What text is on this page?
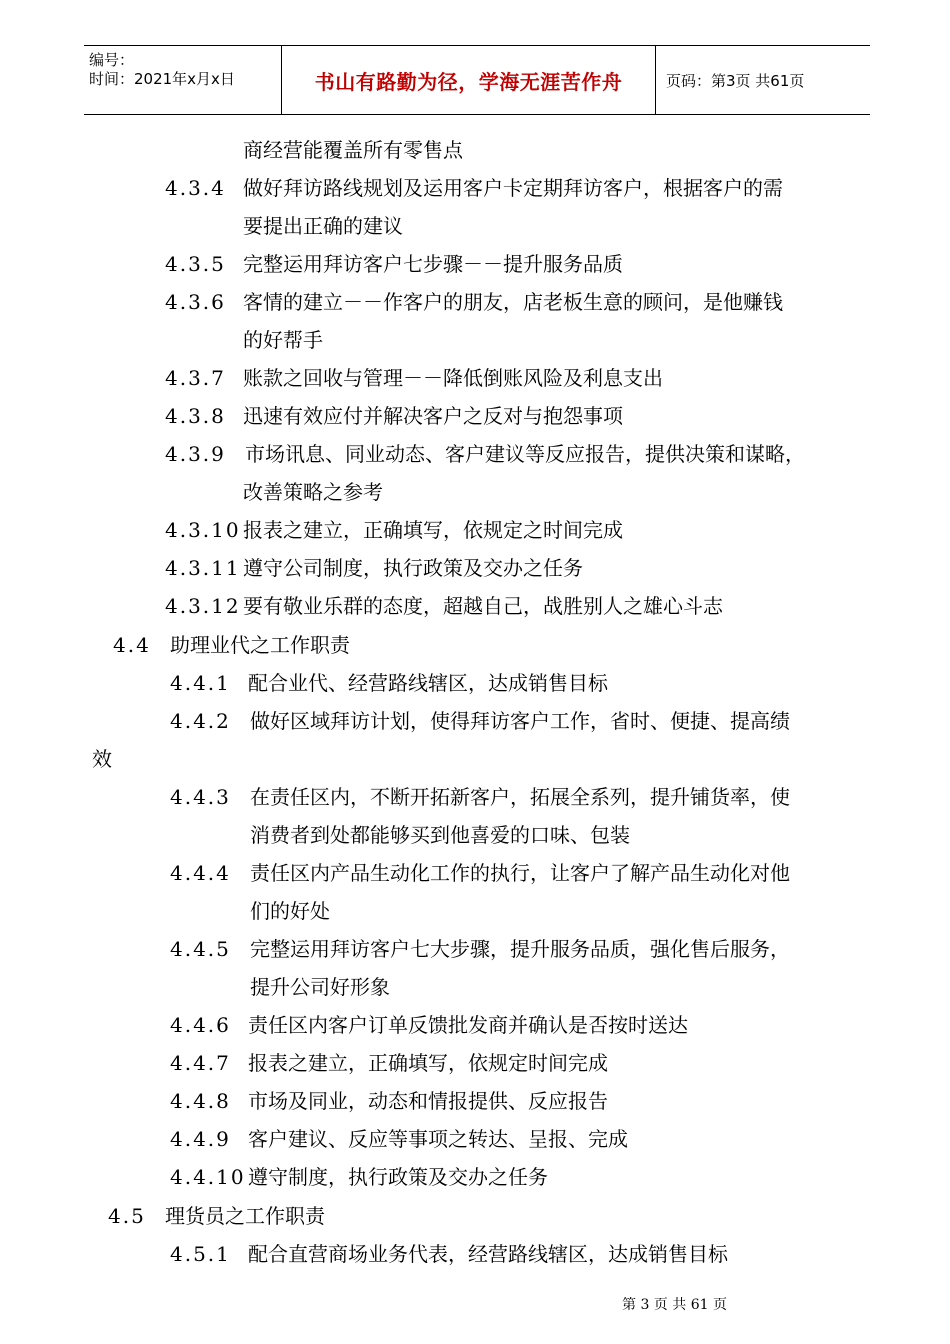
编号：
时间：2021年x月x日	书山有路勤为径，学海无涯苦作舟	页码：第3页 共61页
商经营能覆盖所有零售点
4.3.4 做好拜访路线规划及运用客户卡定期拜访客户，根据客户的需
要提出正确的建议
4.3.5 完整运用拜访客户七步骤－－提升服务品质
4.3.6 客情的建立－－作客户的朋友，店老板生意的顾问，是他赚钱
的好帮手
4.3.7 账款之回收与管理－－降低倒账风险及利息支出
4.3.8 迅速有效应付并解决客户之反对与抱怨事项
4.3.9 市场讯息、同业动态、客户建议等反应报告，提供决策和谋略，
改善策略之参考
4.3.10 报表之建立，正确填写，依规定之时间完成
4.3.11 遵守公司制度，执行政策及交办之任务
4.3.12 要有敬业乐群的态度，超越自己，战胜别人之雄心斗志
4.4 助理业代之工作职责
4.4.1 配合业代、经营路线辖区，达成销售目标
4.4.2 做好区域拜访计划，使得拜访客户工作，省时、便捷、提高绩
效
4.4.3 在责任区内，不断开拓新客户，拓展全系列，提升铺货率，使
消费者到处都能够买到他喜爱的口味、包装
4.4.4 责任区内产品生动化工作的执行，让客户了解产品生动化对他
们的好处
4.4.5 完整运用拜访客户七大步骤，提升服务品质，强化售后服务，
提升公司好形象
4.4.6 责任区内客户订单反馈批发商并确认是否按时送达
4.4.7 报表之建立，正确填写，依规定时间完成
4.4.8 市场及同业，动态和情报提供、反应报告
4.4.9 客户建议、反应等事项之转达、呈报、完成
4.4.10 遵守制度，执行政策及交办之任务
4.5 理货员之工作职责
4.5.1 配合直营商场业务代表，经营路线辖区，达成销售目标
第 3 页 共 61 页
